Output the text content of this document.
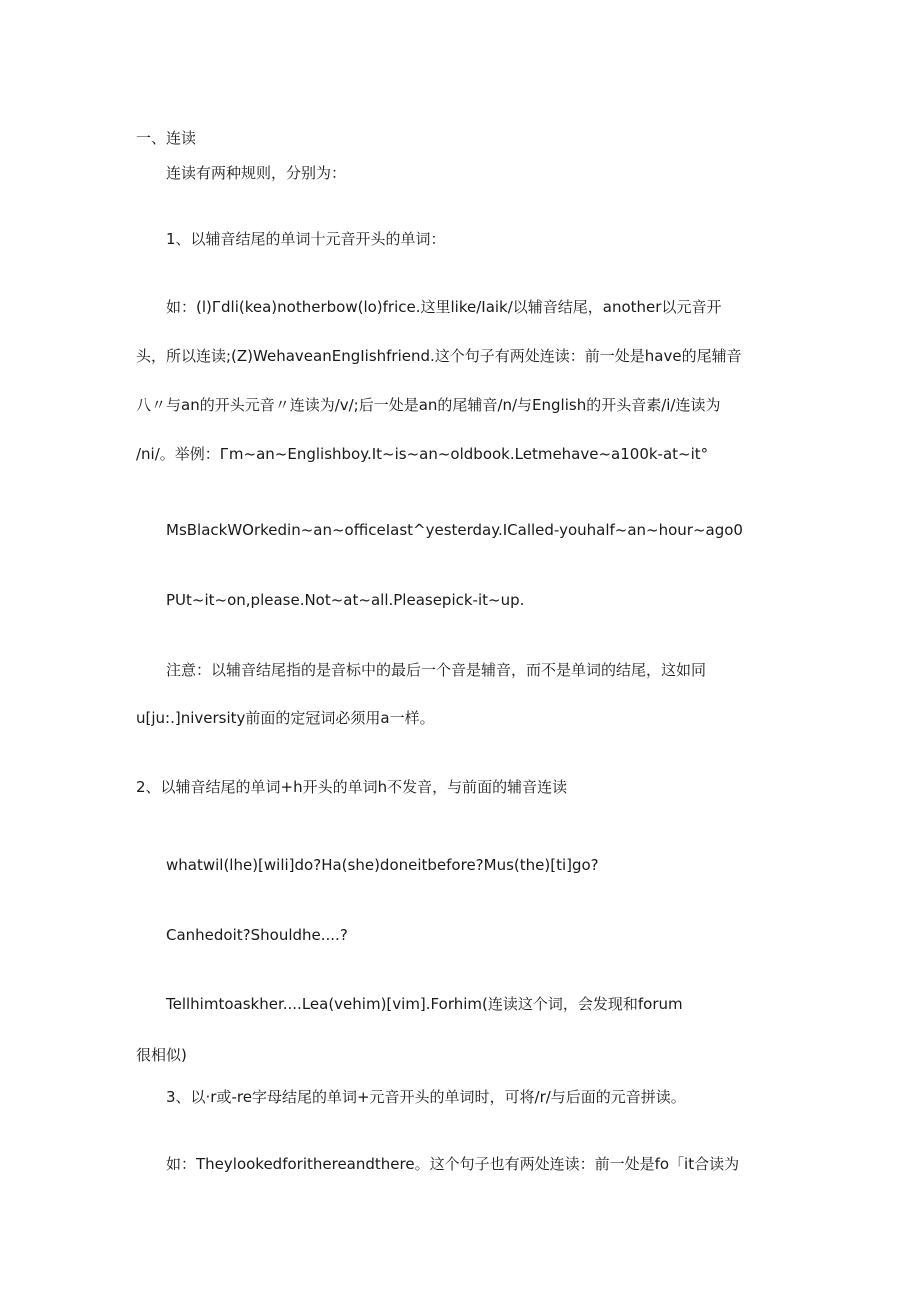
一、连读
连读有两种规则，分别为：
1、以辅音结尾的单词十元音开头的单词：
如：(l)Гdli(kea)notherbow(lo)frice.这里like/Iaik/以辅音结尾，another以元音开
头，所以连读;(Z)WehaveanEngIishfriend.这个句子有两处连读：前一处是have的尾辅音
八〃与an的开头元音〃连读为/v/;后一处是an的尾辅音/n/与English的开头音素/i/连读为
/ni/。举例：Гm~an~Englishboy.It~is~an~oldbook.Letmehave~a100k-at~it°
MsBlackWOrkedin~an~officeIast^yesterday.ICalled-youhalf~an~hour~ago0
PUt~it~on,please.Not~at~all.Pleasepick-it~up.
注意：以辅音结尾指的是音标中的最后一个音是辅音，而不是单词的结尾，这如同
u[ju:.]niversity前面的定冠词必须用a一样。
2、以辅音结尾的单词+h开头的单词h不发音，与前面的辅音连读
whatwil(lhe)[wili]do?Ha(she)doneitbefore?Mus(the)[ti]go?
Canhedoit?Shouldhe....?
Tellhimtoaskher....Lea(vehim)[vim].Forhim(连读这个词，会发现和forum
很相似)
3、以·r或-re字母结尾的单词+元音开头的单词时，可将/r/与后面的元音拼读。
如：Theylookedforithereandthere。这个句子也有两处连读：前一处是fo「it合读为
